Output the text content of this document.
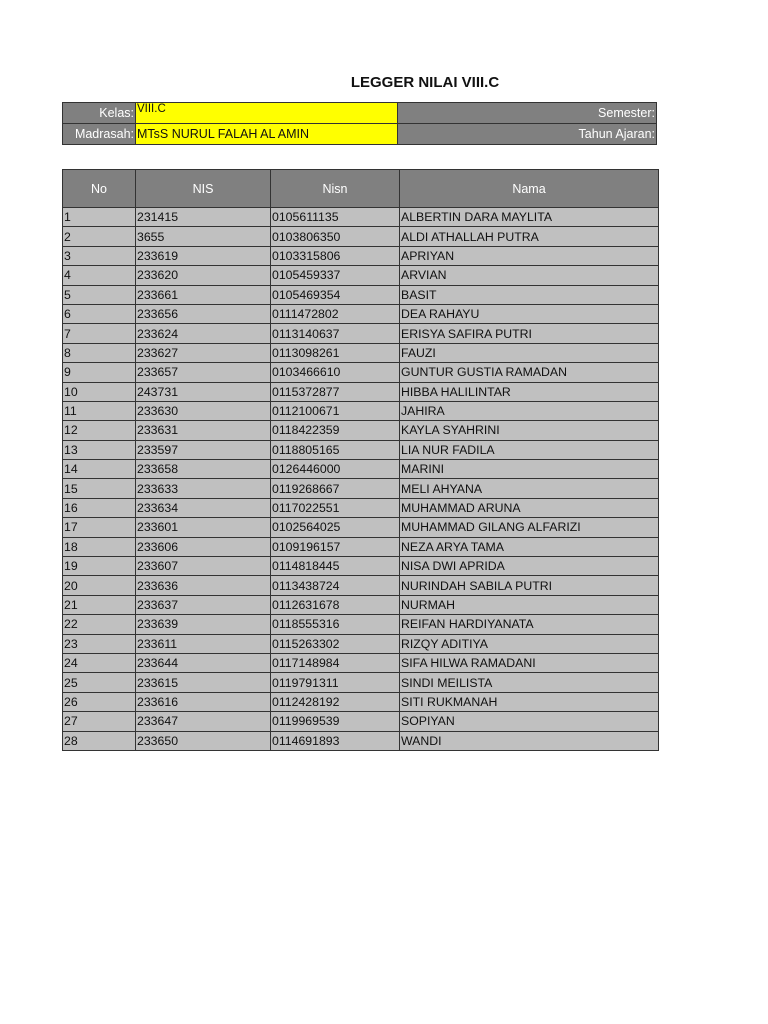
LEGGER NILAI VIII.C
Kelas:	VIII.C	Semester:
Madrasah:	MTsS NURUL FALAH AL AMIN	Tahun Ajaran:
No	NIS	Nisn	Nama
1	231415	0105611135	ALBERTIN DARA MAYLITA
2	3655	0103806350	ALDI ATHALLAH PUTRA
3	233619	0103315806	APRIYAN
4	233620	0105459337	ARVIAN
5	233661	0105469354	BASIT
6	233656	0111472802	DEA RAHAYU
7	233624	0113140637	ERISYA SAFIRA PUTRI
8	233627	0113098261	FAUZI
9	233657	0103466610	GUNTUR GUSTIA RAMADAN
10	243731	0115372877	HIBBA HALILINTAR
11	233630	0112100671	JAHIRA
12	233631	0118422359	KAYLA SYAHRINI
13	233597	0118805165	LIA NUR FADILA
14	233658	0126446000	MARINI
15	233633	0119268667	MELI AHYANA
16	233634	0117022551	MUHAMMAD ARUNA
17	233601	0102564025	MUHAMMAD GILANG ALFARIZI
18	233606	0109196157	NEZA ARYA TAMA
19	233607	0114818445	NISA DWI APRIDA
20	233636	0113438724	NURINDAH SABILA PUTRI
21	233637	0112631678	NURMAH
22	233639	0118555316	REIFAN HARDIYANATA
23	233611	0115263302	RIZQY ADITIYA
24	233644	0117148984	SIFA HILWA RAMADANI
25	233615	0119791311	SINDI MEILISTA
26	233616	0112428192	SITI RUKMANAH
27	233647	0119969539	SOPIYAN
28	233650	0114691893	WANDI
